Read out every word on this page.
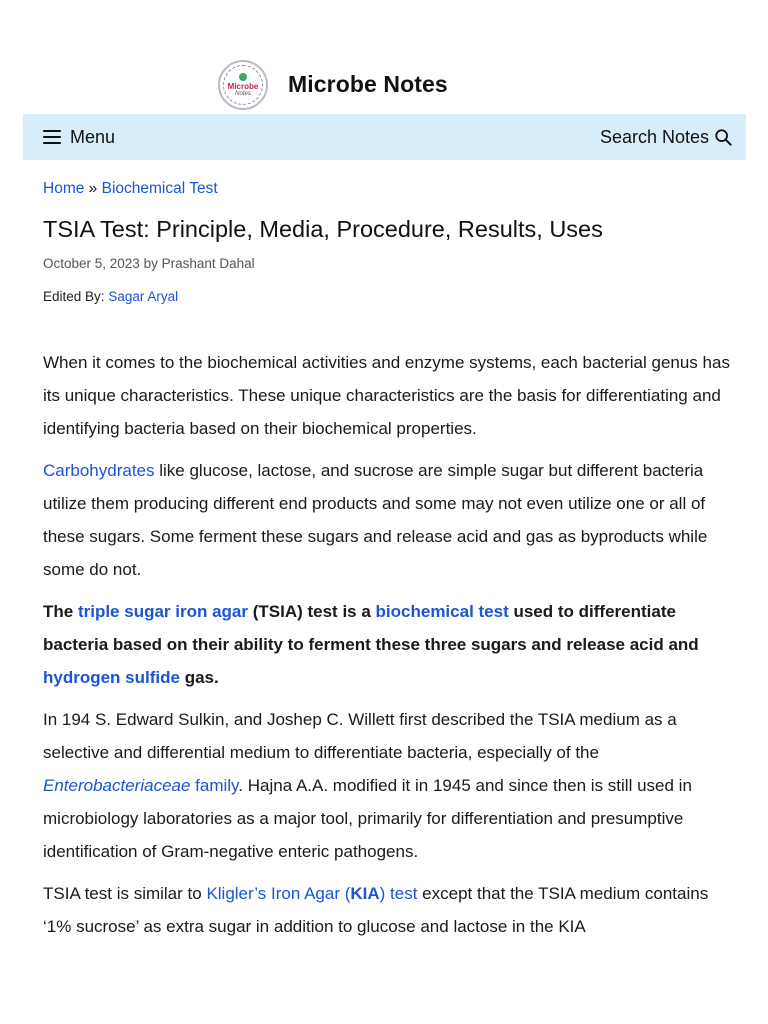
Microbe
Notes Microbe Notes
Menu	Search Notes
Home » Biochemical Test
TSIA Test: Principle, Media, Procedure, Results, Uses
October 5, 2023 by Prashant Dahal
Edited By: Sagar Aryal

When it comes to the biochemical activities and enzyme systems, each bacterial genus has its unique characteristics. These unique characteristics are the basis for differentiating and identifying bacteria based on their biochemical properties.

Carbohydrates like glucose, lactose, and sucrose are simple sugar but different bacteria utilize them producing different end products and some may not even utilize one or all of these sugars. Some ferment these sugars and release acid and gas as byproducts while some do not.

The triple sugar iron agar (TSIA) test is a biochemical test used to differentiate bacteria based on their ability to ferment these three sugars and release acid and hydrogen sulfide gas.

In 194 S. Edward Sulkin, and Joshep C. Willett first described the TSIA medium as a selective and differential medium to differentiate bacteria, especially of the Enterobacteriaceae family. Hajna A.A. modified it in 1945 and since then is still used in microbiology laboratories as a major tool, primarily for differentiation and presumptive identification of Gram-negative enteric pathogens.

TSIA test is similar to Kligler’s Iron Agar (KIA) test except that the TSIA medium contains ‘1% sucrose’ as extra sugar in addition to glucose and lactose in the KIA
